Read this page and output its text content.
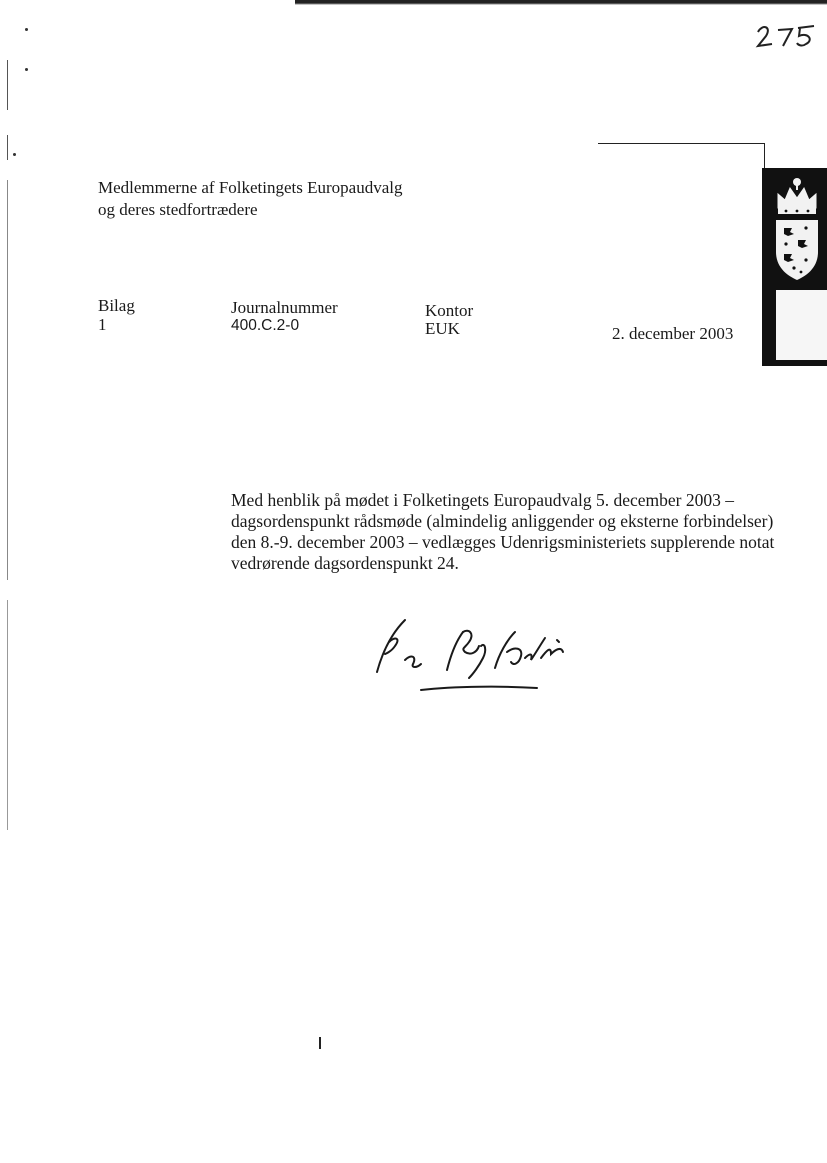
Medlemmerne af Folketingets Europaudvalg
og deres stedfortrædere
Bilag
1
Journalnummer
400.C.2-0
Kontor
EUK	2. december 2003
Med henblik på mødet i Folketingets Europaudvalg 5. december 2003 –
dagsordenspunkt rådsmøde (almindelig anliggender og eksterne forbindelser)
den 8.-9. december 2003 – vedlægges Udenrigsministeriets supplerende notat
vedrørende dagsordenspunkt 24.
